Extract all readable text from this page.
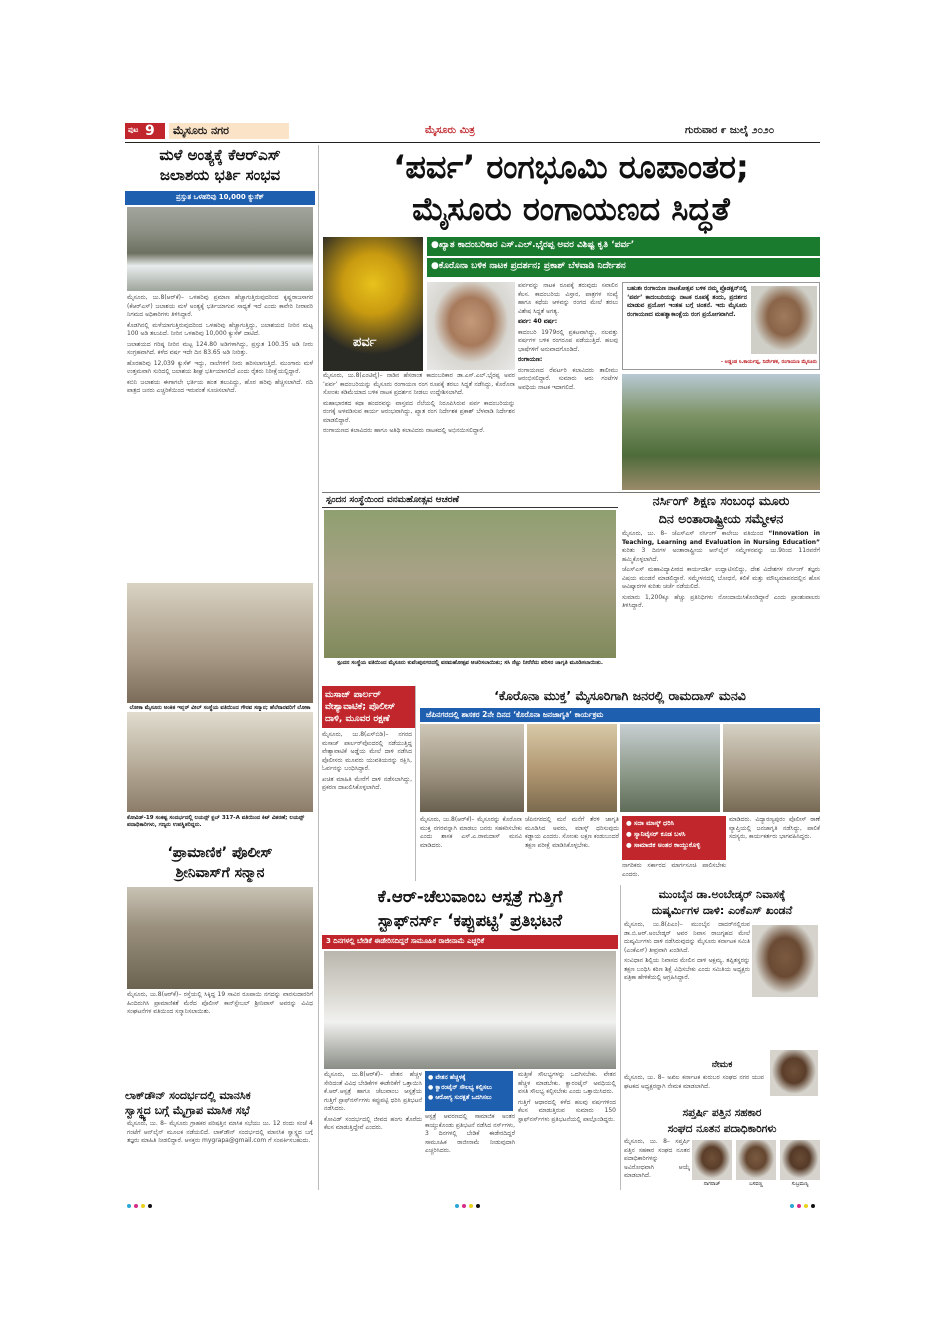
ಪುಟ 9	ಮೈಸೂರು ನಗರ	ಮೈಸೂರು ಮಿತ್ರ	ಗುರುವಾರ ೯ ಜುಲೈ ೨೦೨೦
ಮಳೆ ಅಂತ್ಯಕ್ಕೆ ಕೆಆರ್‌ಎಸ್
ಜಲಾಶಯ ಭರ್ತಿ ಸಂಭವ
ಪ್ರಸ್ತುತ ಒಳಹರಿವು 10,000 ಕ್ಯುಸೆಕ್

ಮೈಸೂರು, ಜು.8(ಆರ್‌ಕೆ)– ಒಳಹರಿವು ಪ್ರಮಾಣ ಹೆಚ್ಚಾಗುತ್ತಿರುವುದರಿಂದ ಕೃಷ್ಣರಾಜಸಾಗರ (ಕೆಆರ್‌ಎಸ್) ಜಲಾಶಯ ಮಳೆ ಅಂತ್ಯಕ್ಕೆ ಭರ್ತಿಯಾಗುವ ಸಾಧ್ಯತೆ ಇದೆ ಎಂದು ಕಾವೇರಿ ನೀರಾವರಿ ನಿಗಮದ ಅಧಿಕಾರಿಗಳು ತಿಳಿಸಿದ್ದಾರೆ.

ಕೊಡಗಿನಲ್ಲಿ ಮಳೆಯಾಗುತ್ತಿರುವುದರಿಂದ ಒಳಹರಿವು ಹೆಚ್ಚಾಗುತ್ತಿದ್ದು, ಜಲಾಶಯದ ನೀರಿನ ಮಟ್ಟ 100 ಅಡಿ ತಲುಪಿದೆ. ನೀರಿನ ಒಳಹರಿವು 10,000 ಕ್ಯುಸೆಕ್ ದಾಟಿದೆ.

ಜಲಾಶಯದ ಗರಿಷ್ಠ ನೀರಿನ ಮಟ್ಟ 124.80 ಅಡಿಗಳಾಗಿದ್ದು, ಪ್ರಸ್ತುತ 100.35 ಅಡಿ ನೀರು ಸಂಗ್ರಹವಾಗಿದೆ. ಕಳೆದ ವರ್ಷ ಇದೇ ದಿನ 83.65 ಅಡಿ ನೀರಿತ್ತು.

ಹೊರಹರಿವು 12,039 ಕ್ಯುಸೆಕ್ ಇದ್ದು, ನಾಲೆಗಳಿಗೆ ನೀರು ಹರಿಸಲಾಗುತ್ತಿದೆ. ಮುಂಗಾರು ಮಳೆ ಉತ್ತಮವಾಗಿ ಸುರಿದಲ್ಲಿ ಜಲಾಶಯ ಶೀಘ್ರ ಭರ್ತಿಯಾಗಲಿದೆ ಎಂದು ರೈತರು ನಿರೀಕ್ಷೆಯಲ್ಲಿದ್ದಾರೆ.

ಕಬಿನಿ ಜಲಾಶಯ ಈಗಾಗಲೇ ಭರ್ತಿಯ ಹಂತ ತಲುಪಿದ್ದು, ಹೊರ ಹರಿವು ಹೆಚ್ಚಿಸಲಾಗಿದೆ. ನದಿ ಪಾತ್ರದ ಜನರು ಎಚ್ಚರಿಕೆಯಿಂದ ಇರುವಂತೆ ಸೂಚಿಸಲಾಗಿದೆ.

ಲೋಕಾ ಮೈಸೂರು ಅಂಕಿತ ಇನ್ನರ್ ವೀಲ್ ಸಂಸ್ಥೆಯ ವತಿಯಿಂದ ಗೌರವ ಸನ್ಮಾನ; ಹೆಲೆನಾರವರಿಗೆ ಲೋಕಾ
ಕೋವಿಡ್-19 ಸಂಕಷ್ಟ ಸಂದರ್ಭದಲ್ಲಿ ಲಯನ್ಸ್ ಕ್ಲಬ್ 317-A ವತಿಯಿಂದ ಕಿಟ್ ವಿತರಣೆ; ಲಯನ್ಸ್ ಪದಾಧಿಕಾರಿಗಳು, ಗಣ್ಯರು ಉಪಸ್ಥಿತರಿದ್ದರು.
‘ಪ್ರಾಮಾಣಿಕ’ ಪೊಲೀಸ್
ಶ್ರೀನಿವಾಸ್‌ಗೆ ಸನ್ಮಾನ

ಮೈಸೂರು, ಜು.8(ಆರ್‌ಕೆ)– ರಸ್ತೆಯಲ್ಲಿ ಸಿಕ್ಕಿದ್ದ 19 ಸಾವಿರ ರೂಪಾಯಿ ನಗದನ್ನು ವಾರಸುದಾರರಿಗೆ ಹಿಂದಿರುಗಿಸಿ ಪ್ರಾಮಾಣಿಕತೆ ಮೆರೆದ ಪೊಲೀಸ್ ಕಾನ್‌ಸ್ಟೇಬಲ್ ಶ್ರೀನಿವಾಸ್ ಅವರನ್ನು ವಿವಿಧ ಸಂಘಟನೆಗಳ ವತಿಯಿಂದ ಸನ್ಮಾನಿಸಲಾಯಿತು.

ಲಾಕ್‌ಡೌನ್ ಸಂದರ್ಭದಲ್ಲಿ ಮಾನಸಿಕ
ಸ್ವಾಸ್ಥ್ಯದ ಬಗ್ಗೆ ಮೈಗ್ರಾಪ ಮಾಸಿಕ ಸಭೆ

ಮೈಸೂರು, ಜು. 8– ಮೈಸೂರು ಗ್ರಾಹಕರ ಪರಿಷತ್ತಿನ ಮಾಸಿಕ ಸಭೆಯು ಜು. 12 ರಂದು ಸಂಜೆ 4 ಗಂಟೆಗೆ ಆನ್‌ಲೈನ್ ಮೂಲಕ ನಡೆಯಲಿದೆ. ಲಾಕ್‌ಡೌನ್ ಸಂದರ್ಭದಲ್ಲಿ ಮಾನಸಿಕ ಸ್ವಾಸ್ಥ್ಯದ ಬಗ್ಗೆ ತಜ್ಞರು ಮಾಹಿತಿ ನೀಡಲಿದ್ದಾರೆ. ಆಸಕ್ತರು mygrapa@gmail.com ಗೆ ಸಂಪರ್ಕಿಸಬಹುದು.

‘ಪರ್ವ’ ರಂಗಭೂಮಿ ರೂಪಾಂತರ;
ಮೈಸೂರು ರಂಗಾಯಣದ ಸಿದ್ಧತೆ
ಪರ್ವ
●ಖ್ಯಾತ ಕಾದಂಬರಿಕಾರ ಎಸ್.ಎಲ್.ಭೈರಪ್ಪ ಅವರ ವಿಶಿಷ್ಟ ಕೃತಿ ‘ಪರ್ವ’
●ಕೊರೊನಾ ಬಳಿಕ ನಾಟಕ ಪ್ರದರ್ಶನ; ಪ್ರಕಾಶ್ ಬೆಳವಾಡಿ ನಿರ್ದೇಶನ

ಮೈಸೂರು, ಜು.8(ಎಂಟಿವೈ)– ನಾಡಿನ ಹೆಸರಾಂತ ಕಾದಂಬರಿಕಾರ ಡಾ.ಎಸ್.ಎಲ್.ಭೈರಪ್ಪ ಅವರ ‘ಪರ್ವ’ ಕಾದಂಬರಿಯನ್ನು ಮೈಸೂರು ರಂಗಾಯಣ ರಂಗ ರೂಪಕ್ಕೆ ತರಲು ಸಿದ್ಧತೆ ನಡೆಸಿದ್ದು, ಕೊರೊನಾ ಸೋಂಕು ಕಡಿಮೆಯಾದ ಬಳಿಕ ನಾಟಕ ಪ್ರದರ್ಶನ ನೀಡಲು ಉದ್ದೇಶಿಸಲಾಗಿದೆ.

ಮಹಾಭಾರತದ ಕಥಾ ಹಂದರವನ್ನು ವಾಸ್ತವದ ನೆಲೆಯಲ್ಲಿ ನಿರೂಪಿಸಿರುವ ಪರ್ವ ಕಾದಂಬರಿಯನ್ನು ರಂಗಕ್ಕೆ ಅಳವಡಿಸುವ ಕಾರ್ಯ ಆರಂಭವಾಗಿದ್ದು, ಖ್ಯಾತ ರಂಗ ನಿರ್ದೇಶಕ ಪ್ರಕಾಶ್ ಬೆಳವಾಡಿ ನಿರ್ದೇಶನ ಮಾಡಲಿದ್ದಾರೆ.

ರಂಗಾಯಣದ ಕಲಾವಿದರು ಹಾಗೂ ಅತಿಥಿ ಕಲಾವಿದರು ನಾಟಕದಲ್ಲಿ ಅಭಿನಯಿಸಲಿದ್ದಾರೆ.

ಪರ್ವವನ್ನು ನಾಟಕ ರೂಪಕ್ಕೆ ತರುವುದು ಸವಾಲಿನ ಕೆಲಸ. ಕಾದಂಬರಿಯ ವಿಸ್ತಾರ, ಪಾತ್ರಗಳ ಸಂಖ್ಯೆ ಹಾಗೂ ಕಥೆಯ ಆಳವನ್ನು ರಂಗದ ಮೇಲೆ ತರಲು ವಿಶೇಷ ಸಿದ್ಧತೆ ಅಗತ್ಯ.

ಪರ್ವ: 40 ವರ್ಷ:

ಕಾದಂಬರಿ 1979ರಲ್ಲಿ ಪ್ರಕಟವಾಗಿದ್ದು, ನಲವತ್ತು ವರ್ಷಗಳ ಬಳಿಕ ರಂಗರೂಪ ಪಡೆಯುತ್ತಿದೆ. ಹಲವು ಭಾಷೆಗಳಿಗೆ ಅನುವಾದಗೊಂಡಿದೆ.

ರಂಗಾಯಣ:

ರಂಗಾಯಣದ ರೆಪರ್ಟರಿ ಕಲಾವಿದರು ತಾಲೀಮು ಆರಂಭಿಸಲಿದ್ದಾರೆ. ಸುಮಾರು ಆರು ಗಂಟೆಗಳ ಅವಧಿಯ ನಾಟಕ ಇದಾಗಲಿದೆ.

ಬಹುಶಃ ರಂಗಾಯಣ ನಾಟಕೋತ್ಸವ ಬಳಿಕ ನಮ್ಮ ಪ್ರೊಡಕ್ಷನ್‌ನಲ್ಲಿ ‘ಪರ್ವ’ ಕಾದಂಬರಿಯನ್ನು ನಾಟಕ ರೂಪಕ್ಕೆ ತಂದು, ಪ್ರದರ್ಶನ ಮಾಡುವ ಪ್ರಯೋಗ ಇಂತಹ ಬಗ್ಗೆ ಚಿಂತನೆ. ಇದು ಮೈಸೂರು ರಂಗಾಯಣದ ಮಹತ್ವಾಕಾಂಕ್ಷೆಯ ರಂಗ ಪ್ರಯೋಗವಾಗಿದೆ.
- ಅಡ್ಡಂಡ ಸಿ.ಕಾರ್ಯಪ್ಪ, ನಿರ್ದೇಶಕ, ರಂಗಾಯಣ ಮೈಸೂರು
ಸ್ಪಂದನ ಸಂಸ್ಥೆಯಿಂದ ವನಮಹೋತ್ಸವ ಆಚರಣೆ
ಸ್ಪಂದನ ಸಂಸ್ಥೆಯ ವತಿಯಿಂದ ಮೈಸೂರು ಕುವೆಂಪುನಗರದಲ್ಲಿ ವನಮಹೋತ್ಸವ ಆಚರಿಸಲಾಯಿತು; ಸಸಿ ನೆಟ್ಟು ನೀರೆರೆದು ಪರಿಸರ ಜಾಗೃತಿ ಮೂಡಿಸಲಾಯಿತು.
ನರ್ಸಿಂಗ್ ಶಿಕ್ಷಣ ಸಂಬಂಧ ಮೂರು
ದಿನ ಅಂತಾರಾಷ್ಟ್ರೀಯ ಸಮ್ಮೇಳನ

ಮೈಸೂರು, ಜು. 8– ಜೆಎಸ್‌ಎಸ್ ನರ್ಸಿಂಗ್ ಕಾಲೇಜು ವತಿಯಿಂದ “Innovation in Teaching, Learning and Evaluation in Nursing Education” ಕುರಿತು 3 ದಿನಗಳ ಅಂತಾರಾಷ್ಟ್ರೀಯ ಆನ್‌ಲೈನ್ ಸಮ್ಮೇಳನವನ್ನು ಜು.9ರಿಂದ 11ರವರೆಗೆ ಹಮ್ಮಿಕೊಳ್ಳಲಾಗಿದೆ.

ಜೆಎಸ್‌ಎಸ್ ಮಹಾವಿದ್ಯಾಪೀಠದ ಕಾರ್ಯದರ್ಶಿ ಉದ್ಘಾಟಿಸಲಿದ್ದು, ದೇಶ ವಿದೇಶಗಳ ನರ್ಸಿಂಗ್ ತಜ್ಞರು ವಿಷಯ ಮಂಡನೆ ಮಾಡಲಿದ್ದಾರೆ. ಸಮ್ಮೇಳನದಲ್ಲಿ ಬೋಧನೆ, ಕಲಿಕೆ ಮತ್ತು ಮೌಲ್ಯಮಾಪನದಲ್ಲಿನ ಹೊಸ ಆವಿಷ್ಕಾರಗಳ ಕುರಿತು ಚರ್ಚೆ ನಡೆಯಲಿದೆ.

ಸುಮಾರು 1,200ಕ್ಕೂ ಹೆಚ್ಚು ಪ್ರತಿನಿಧಿಗಳು ನೋಂದಾಯಿಸಿಕೊಂಡಿದ್ದಾರೆ ಎಂದು ಪ್ರಾಂಶುಪಾಲರು ತಿಳಿಸಿದ್ದಾರೆ.

ಮಸಾಜ್ ಪಾರ್ಲರ್ ವೇಶ್ಯಾವಾಟಿಕೆ; ಪೊಲೀಸ್ ದಾಳಿ, ಮೂವರ ರಕ್ಷಣೆ

ಮೈಸೂರು, ಜು.8(ಎಸ್‌ಬಿಡಿ)– ನಗರದ ಮಸಾಜ್ ಪಾರ್ಲರ್‌ವೊಂದರಲ್ಲಿ ನಡೆಯುತ್ತಿದ್ದ ವೇಶ್ಯಾವಾಟಿಕೆ ಅಡ್ಡೆಯ ಮೇಲೆ ದಾಳಿ ನಡೆಸಿದ ಪೊಲೀಸರು ಮೂವರು ಯುವತಿಯರನ್ನು ರಕ್ಷಿಸಿ, ಓರ್ವನನ್ನು ಬಂಧಿಸಿದ್ದಾರೆ.

ಖಚಿತ ಮಾಹಿತಿ ಮೇರೆಗೆ ದಾಳಿ ನಡೆಸಲಾಗಿದ್ದು, ಪ್ರಕರಣ ದಾಖಲಿಸಿಕೊಳ್ಳಲಾಗಿದೆ.

‘ಕೊರೊನಾ ಮುಕ್ತ’ ಮೈಸೂರಿಗಾಗಿ ಜನರಲ್ಲಿ ರಾಮದಾಸ್ ಮನವಿ
ಜೆಪಿನಗರದಲ್ಲಿ ಶಾಸಕರ 2ನೇ ದಿನದ ‘ಕೊರೊನಾ ಜನಜಾಗೃತಿ’ ಕಾರ್ಯಕ್ರಮ

ಮೈಸೂರು, ಜು.8(ಆರ್‌ಕೆ)– ಮೈಸೂರನ್ನು ಕೊರೊನಾ ಮುಕ್ತ ನಗರವನ್ನಾಗಿ ಮಾಡಲು ಜನರು ಸಹಕರಿಸಬೇಕು ಎಂದು ಶಾಸಕ ಎಸ್.ಎ.ರಾಮದಾಸ್ ಮನವಿ ಮಾಡಿದರು.

ಜೆಪಿನಗರದಲ್ಲಿ ಮನೆ ಮನೆಗೆ ತೆರಳಿ ಜಾಗೃತಿ ಮೂಡಿಸಿದ ಅವರು, ಮಾಸ್ಕ್ ಧರಿಸುವುದು ಕಡ್ಡಾಯ ಎಂದರು. ಸೋಂಕು ಲಕ್ಷಣ ಕಂಡುಬಂದರೆ ತಕ್ಷಣ ಪರೀಕ್ಷೆ ಮಾಡಿಸಿಕೊಳ್ಳಬೇಕು.

● ಸದಾ ಮಾಸ್ಕ್ ಧರಿಸಿ
● ಸ್ಯಾನಿಟೈಸರ್ ಕೂಡ ಬಳಸಿ
● ಸಾಮಾಜಿಕ ಅಂತರ ಕಾಯ್ದುಕೊಳ್ಳಿ

ಮಾಡಿದರು. ವಿದ್ಯಾರಣ್ಯಪುರಂ ಪೊಲೀಸ್ ಠಾಣೆ ವ್ಯಾಪ್ತಿಯಲ್ಲಿ ಜನಜಾಗೃತಿ ನಡೆಸಿದ್ದು, ಪಾಲಿಕೆ ಸದಸ್ಯರು, ಕಾರ್ಯಕರ್ತರು ಭಾಗವಹಿಸಿದ್ದರು.

ನಾಗರಿಕರು ಸರ್ಕಾರದ ಮಾರ್ಗಸೂಚಿ ಪಾಲಿಸಬೇಕು ಎಂದರು.

ಕೆ.ಆರ್-ಚೆಲುವಾಂಬ ಆಸ್ಪತ್ರೆ ಗುತ್ತಿಗೆ
ಸ್ಟಾಫ್‌ನರ್ಸ್ ‘ಕಪ್ಪುಪಟ್ಟಿ’ ಪ್ರತಿಭಟನೆ
3 ದಿನಗಳಲ್ಲಿ ಬೇಡಿಕೆ ಈಡೇರಿಸದಿದ್ದರೆ ಸಾಮೂಹಿಕ ರಾಜೀನಾಮೆ ಎಚ್ಚರಿಕೆ

ಮೈಸೂರು, ಜು.8(ಆರ್‌ಕೆ)– ವೇತನ ಹೆಚ್ಚಳ ಸೇರಿದಂತೆ ವಿವಿಧ ಬೇಡಿಕೆಗಳ ಈಡೇರಿಕೆಗೆ ಒತ್ತಾಯಿಸಿ ಕೆ.ಆರ್.ಆಸ್ಪತ್ರೆ ಹಾಗೂ ಚೆಲುವಾಂಬ ಆಸ್ಪತ್ರೆಯ ಗುತ್ತಿಗೆ ಸ್ಟಾಫ್‌ನರ್ಸ್‌ಗಳು ಕಪ್ಪುಪಟ್ಟಿ ಧರಿಸಿ ಪ್ರತಿಭಟನೆ ನಡೆಸಿದರು.

ಕೋವಿಡ್ ಸಂದರ್ಭದಲ್ಲಿ ಜೀವದ ಹಂಗು ತೊರೆದು ಕೆಲಸ ಮಾಡುತ್ತಿದ್ದೇವೆ ಎಂದರು.

● ವೇತನ ಹೆಚ್ಚಳಕ್ಕೆ
● ಕ್ವಾರಂಟೈನ್ ಸೌಲಭ್ಯ ಕಲ್ಪಿಸಲು
● ಆರೋಗ್ಯ ಸುರಕ್ಷತೆ ಒದಗಿಸಲು

ಆಸ್ಪತ್ರೆ ಆವರಣದಲ್ಲಿ ಸಾಮಾಜಿಕ ಅಂತರ ಕಾಯ್ದುಕೊಂಡು ಪ್ರತಿಭಟನೆ ನಡೆಸಿದ ನರ್ಸ್‌ಗಳು, 3 ದಿನಗಳಲ್ಲಿ ಬೇಡಿಕೆ ಈಡೇರದಿದ್ದರೆ ಸಾಮೂಹಿಕ ರಾಜೀನಾಮೆ ನೀಡುವುದಾಗಿ ಎಚ್ಚರಿಸಿದರು.

ಮತ್ತೀಕೆ ಸೌಲಭ್ಯಗಳನ್ನು ಒದಗಿಸಬೇಕು. ವೇತನ ಹೆಚ್ಚಳ ಮಾಡಬೇಕು. ಕ್ವಾರಂಟೈನ್ ಅವಧಿಯಲ್ಲಿ ವಸತಿ ಸೌಲಭ್ಯ ಕಲ್ಪಿಸಬೇಕು ಎಂದು ಒತ್ತಾಯಿಸಿದರು.

ಗುತ್ತಿಗೆ ಆಧಾರದಲ್ಲಿ ಕಳೆದ ಹಲವು ವರ್ಷಗಳಿಂದ ಕೆಲಸ ಮಾಡುತ್ತಿರುವ ಸುಮಾರು 150 ಸ್ಟಾಫ್‌ನರ್ಸ್‌ಗಳು ಪ್ರತಿಭಟನೆಯಲ್ಲಿ ಪಾಲ್ಗೊಂಡಿದ್ದರು.

ಮುಂಬೈನ ಡಾ.ಅಂಬೇಡ್ಕರ್ ನಿವಾಸಕ್ಕೆ
ದುಷ್ಕರ್ಮಿಗಳ ದಾಳಿ: ಎಂಕೆಎಸ್ ಖಂಡನೆ

ಮೈಸೂರು, ಜು.8(ಪಿಎಂ)– ಮುಂಬೈನ ದಾದರ್‌ನಲ್ಲಿರುವ ಡಾ.ಬಿ.ಆರ್.ಅಂಬೇಡ್ಕರ್ ಅವರ ನಿವಾಸ ರಾಜಗೃಹದ ಮೇಲೆ ದುಷ್ಕರ್ಮಿಗಳು ದಾಳಿ ನಡೆಸಿರುವುದನ್ನು ಮೈಸೂರು ಕರ್ನಾಟಕ ಸಮಿತಿ (ಎಂಕೆಎಸ್) ತೀವ್ರವಾಗಿ ಖಂಡಿಸಿದೆ.

ಸಂವಿಧಾನ ಶಿಲ್ಪಿಯ ನಿವಾಸದ ಮೇಲಿನ ದಾಳಿ ಅಕ್ಷಮ್ಯ. ತಪ್ಪಿತಸ್ಥರನ್ನು ತಕ್ಷಣ ಬಂಧಿಸಿ ಕಠಿಣ ಶಿಕ್ಷೆ ವಿಧಿಸಬೇಕು ಎಂದು ಸಮಿತಿಯ ಅಧ್ಯಕ್ಷರು ಪತ್ರಿಕಾ ಹೇಳಿಕೆಯಲ್ಲಿ ಆಗ್ರಹಿಸಿದ್ದಾರೆ.

ನೇಮಕ

ಮೈಸೂರು, ಜು. 8– ಅಖಿಲ ಕರ್ನಾಟಕ ಕುರುಬರ ಸಂಘದ ನಗರ ಯುವ ಘಟಕದ ಅಧ್ಯಕ್ಷರನ್ನಾಗಿ ನೇಮಕ ಮಾಡಲಾಗಿದೆ.

ಸಪ್ತರ್ಷಿ ಪತ್ತಿನ ಸಹಕಾರ
ಸಂಘದ ನೂತನ ಪದಾಧಿಕಾರಿಗಳು

ಮೈಸೂರು, ಜು. 8– ಸಪ್ತರ್ಷಿ ಪತ್ತಿನ ಸಹಕಾರ ಸಂಘದ ನೂತನ ಪದಾಧಿಕಾರಿಗಳನ್ನು ಅವಿರೋಧವಾಗಿ ಆಯ್ಕೆ ಮಾಡಲಾಗಿದೆ.

ನಾಗರಾಜ್	ಬಸವಣ್ಣ	ಸುಬ್ರಮಣ್ಯ
